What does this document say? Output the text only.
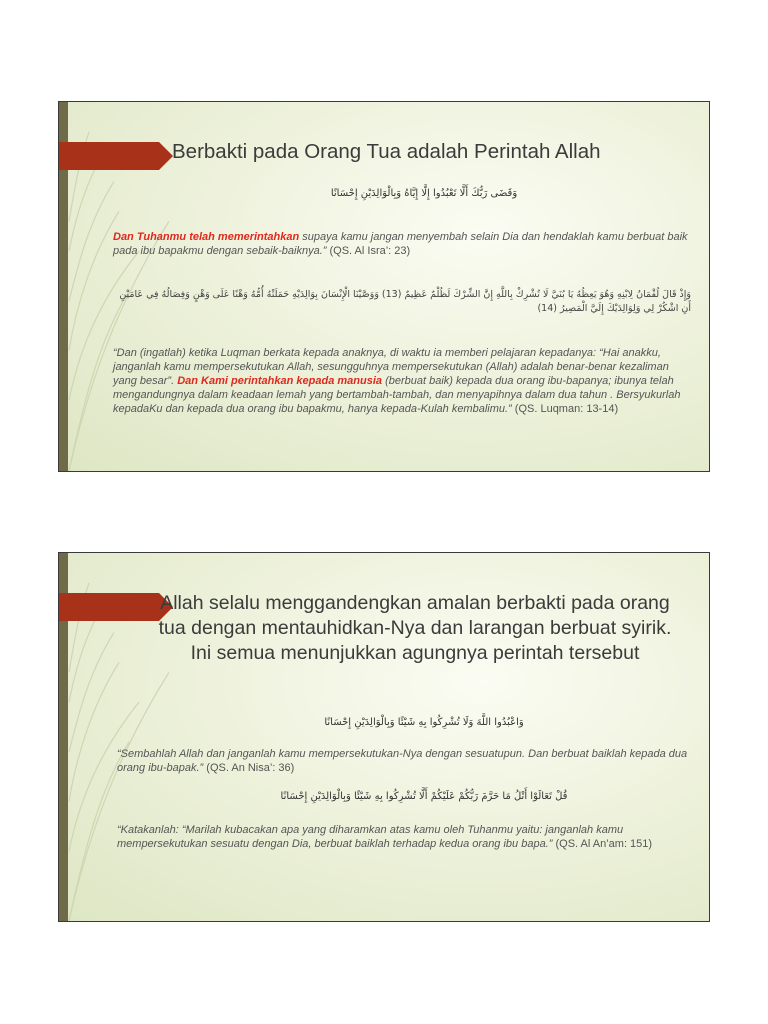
Berbakti pada Orang Tua adalah Perintah Allah
وَقَضَى رَبُّكَ أَلَّا تَعْبُدُوا إِلَّا إِيَّاهُ وَبِالْوَالِدَيْنِ إِحْسَانًا
Dan Tuhanmu telah memerintahkan supaya kamu jangan menyembah selain Dia dan hendaklah kamu berbuat baik pada ibu bapakmu dengan sebaik-baiknya.” (QS. Al Isra’: 23)
وَإِذْ قَالَ لُقْمَانُ لِابْنِهِ وَهُوَ يَعِظُهُ يَا بُنَيَّ لَا تُشْرِكْ بِاللَّهِ إِنَّ الشِّرْكَ لَظُلْمٌ عَظِيمٌ (13) وَوَصَّيْنَا الْإِنْسَانَ بِوَالِدَيْهِ حَمَلَتْهُ أُمُّهُ وَهْنًا عَلَى وَهْنٍ وَفِصَالُهُ فِي عَامَيْنِ أَنِ اشْكُرْ لِي وَلِوَالِدَيْكَ إِلَيَّ الْمَصِيرُ (14)
“Dan (ingatlah) ketika Luqman berkata kepada anaknya, di waktu ia memberi pelajaran kepadanya: “Hai anakku, janganlah kamu mempersekutukan Allah, sesungguhnya mempersekutukan (Allah) adalah benar-benar kezaliman yang besar”. Dan Kami perintahkan kepada manusia (berbuat baik) kepada dua orang ibu-bapanya; ibunya telah mengandungnya dalam keadaan lemah yang bertambah-tambah, dan menyapihnya dalam dua tahun . Bersyukurlah kepadaKu dan kepada dua orang ibu bapakmu, hanya kepada-Kulah kembalimu.” (QS. Luqman: 13-14)
Allah selalu menggandengkan amalan berbakti pada orang tua dengan mentauhidkan-Nya dan larangan berbuat syirik. Ini semua menunjukkan agungnya perintah tersebut
وَاعْبُدُوا اللَّهَ وَلَا تُشْرِكُوا بِهِ شَيْئًا وَبِالْوَالِدَيْنِ إِحْسَانًا
“Sembahlah Allah dan janganlah kamu mempersekutukan-Nya dengan sesuatupun. Dan berbuat baiklah kepada dua orang ibu-bapak.” (QS. An Nisa’: 36)
قُلْ تَعَالَوْا أَتْلُ مَا حَرَّمَ رَبُّكُمْ عَلَيْكُمْ أَلَّا تُشْرِكُوا بِهِ شَيْئًا وَبِالْوَالِدَيْنِ إِحْسَانًا
“Katakanlah: “Marilah kubacakan apa yang diharamkan atas kamu oleh Tuhanmu yaitu: janganlah kamu mempersekutukan sesuatu dengan Dia, berbuat baiklah terhadap kedua orang ibu bapa.” (QS. Al An’am: 151)
